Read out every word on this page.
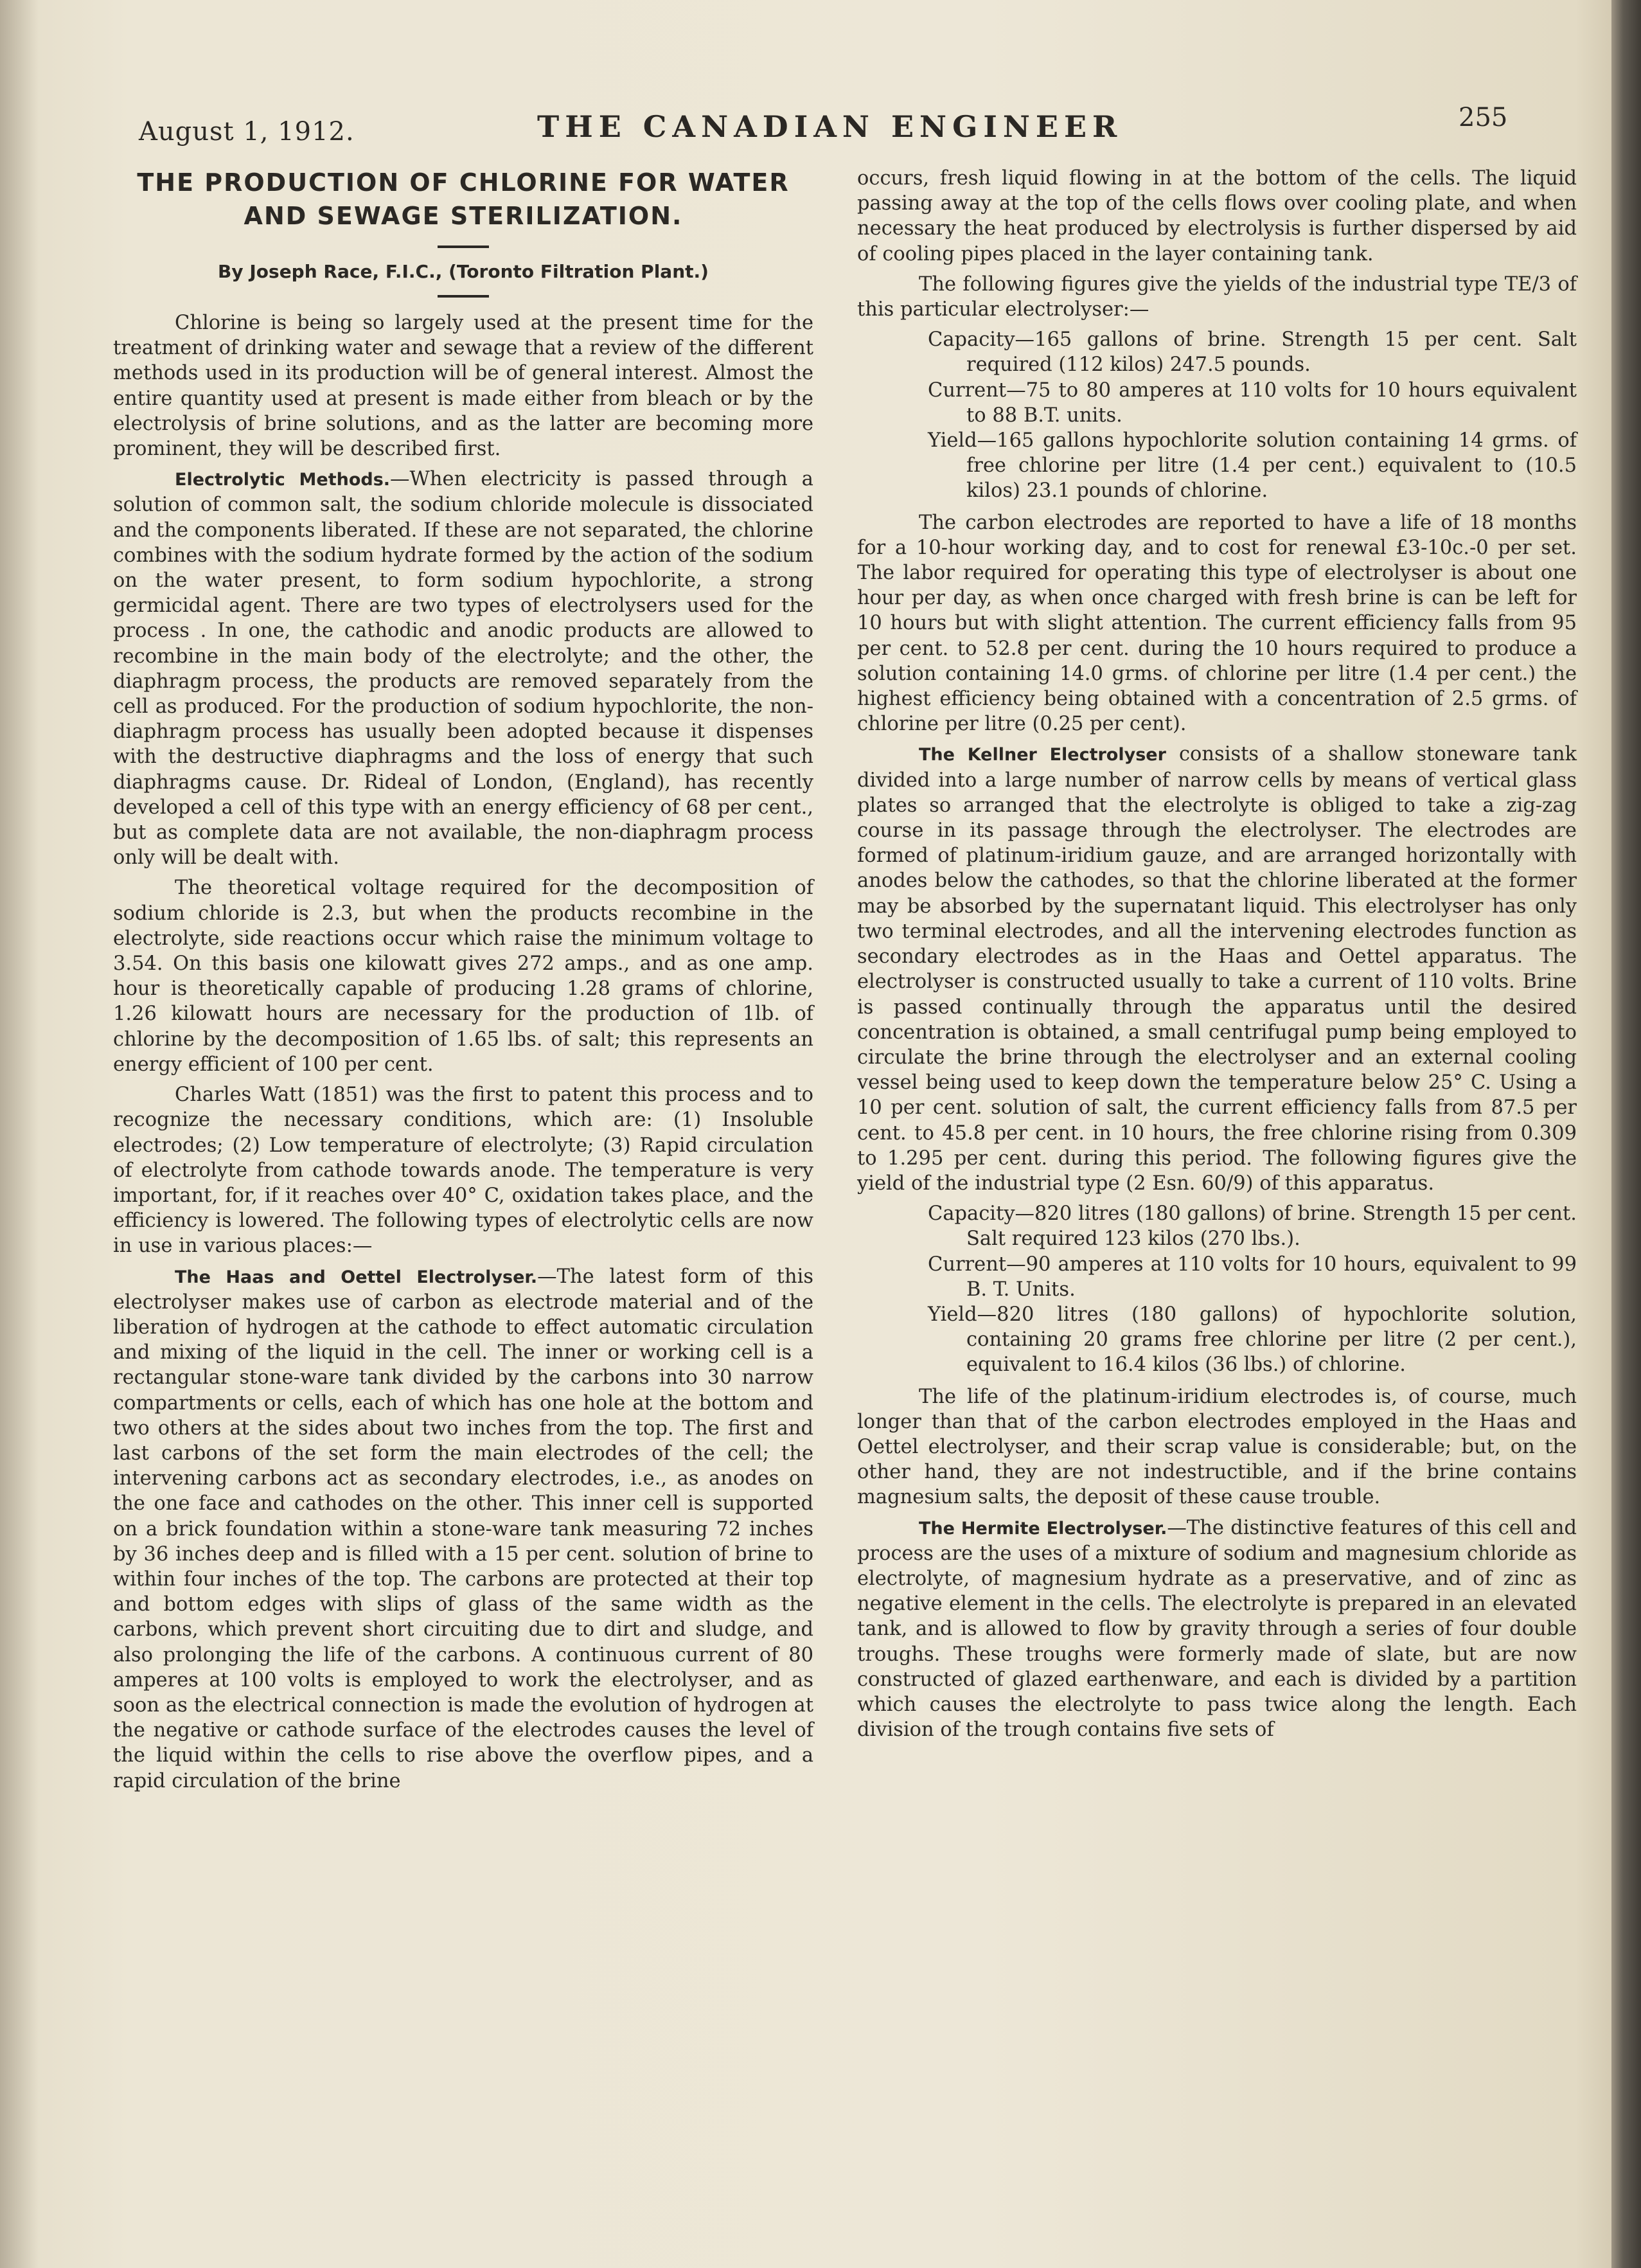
August 1, 1912.	THE CANADIAN ENGINEER	255
THE PRODUCTION OF CHLORINE FOR WATER
AND SEWAGE STERILIZATION.
By Joseph Race, F.I.C., (Toronto Filtration Plant.)

Chlorine is being so largely used at the present time for the treatment of drinking water and sewage that a review of the different methods used in its production will be of general interest. Almost the entire quantity used at present is made either from bleach or by the electrolysis of brine solutions, and as the latter are becoming more prominent, they will be described first.

Electrolytic Methods.—When electricity is passed through a solution of common salt, the sodium chloride molecule is dissociated and the components liberated. If these are not separated, the chlorine combines with the sodium hydrate formed by the action of the sodium on the water present, to form sodium hypochlorite, a strong germicidal agent. There are two types of electrolysers used for the process . In one, the cathodic and anodic products are allowed to recombine in the main body of the electrolyte; and the other, the diaphragm process, the products are removed separately from the cell as produced. For the production of sodium hypochlorite, the non-diaphragm process has usually been adopted because it dispenses with the destructive diaphragms and the loss of energy that such diaphragms cause. Dr. Rideal of London, (England), has recently developed a cell of this type with an energy efficiency of 68 per cent., but as complete data are not available, the non-diaphragm process only will be dealt with.

The theoretical voltage required for the decomposition of sodium chloride is 2.3, but when the products recombine in the electrolyte, side reactions occur which raise the minimum voltage to 3.54. On this basis one kilowatt gives 272 amps., and as one amp. hour is theoretically capable of producing 1.28 grams of chlorine, 1.26 kilowatt hours are necessary for the production of 1lb. of chlorine by the decomposition of 1.65 lbs. of salt; this represents an energy efficient of 100 per cent.

Charles Watt (1851) was the first to patent this process and to recognize the necessary conditions, which are: (1) Insoluble electrodes; (2) Low temperature of electrolyte; (3) Rapid circulation of electrolyte from cathode towards anode. The temperature is very important, for, if it reaches over 40° C, oxidation takes place, and the efficiency is lowered. The following types of electrolytic cells are now in use in various places:—

The Haas and Oettel Electrolyser.—The latest form of this electrolyser makes use of carbon as electrode material and of the liberation of hydrogen at the cathode to effect automatic circulation and mixing of the liquid in the cell. The inner or working cell is a rectangular stone-ware tank divided by the carbons into 30 narrow compartments or cells, each of which has one hole at the bottom and two others at the sides about two inches from the top. The first and last carbons of the set form the main electrodes of the cell; the intervening carbons act as secondary electrodes, i.e., as anodes on the one face and cathodes on the other. This inner cell is supported on a brick foundation within a stone-ware tank measuring 72 inches by 36 inches deep and is filled with a 15 per cent. solution of brine to within four inches of the top. The carbons are protected at their top and bottom edges with slips of glass of the same width as the carbons, which prevent short circuiting due to dirt and sludge, and also prolonging the life of the carbons. A continuous current of 80 amperes at 100 volts is employed to work the electrolyser, and as soon as the electrical connection is made the evolution of hydrogen at the negative or cathode surface of the electrodes causes the level of the liquid within the cells to rise above the overflow pipes, and a rapid circulation of the brine

occurs, fresh liquid flowing in at the bottom of the cells. The liquid passing away at the top of the cells flows over cooling plate, and when necessary the heat produced by electrolysis is further dispersed by aid of cooling pipes placed in the layer containing tank.

The following figures give the yields of the industrial type TE/3 of this particular electrolyser:—

Capacity—165 gallons of brine. Strength 15 per cent. Salt required (112 kilos) 247.5 pounds.

Current—75 to 80 amperes at 110 volts for 10 hours equivalent to 88 B.T. units.

Yield—165 gallons hypochlorite solution containing 14 grms. of free chlorine per litre (1.4 per cent.) equivalent to (10.5 kilos) 23.1 pounds of chlorine.

The carbon electrodes are reported to have a life of 18 months for a 10-hour working day, and to cost for renewal £3-10c.-0 per set. The labor required for operating this type of electrolyser is about one hour per day, as when once charged with fresh brine is can be left for 10 hours but with slight attention. The current efficiency falls from 95 per cent. to 52.8 per cent. during the 10 hours required to produce a solution containing 14.0 grms. of chlorine per litre (1.4 per cent.) the highest efficiency being obtained with a concentration of 2.5 grms. of chlorine per litre (0.25 per cent).

The Kellner Electrolyser consists of a shallow stoneware tank divided into a large number of narrow cells by means of vertical glass plates so arranged that the electrolyte is obliged to take a zig-zag course in its passage through the electrolyser. The electrodes are formed of platinum-iridium gauze, and are arranged horizontally with anodes below the cathodes, so that the chlorine liberated at the former may be absorbed by the supernatant liquid. This electrolyser has only two terminal electrodes, and all the intervening electrodes function as secondary electrodes as in the Haas and Oettel apparatus. The electrolyser is constructed usually to take a current of 110 volts. Brine is passed continually through the apparatus until the desired concentration is obtained, a small centrifugal pump being employed to circulate the brine through the electrolyser and an external cooling vessel being used to keep down the temperature below 25° C. Using a 10 per cent. solution of salt, the current efficiency falls from 87.5 per cent. to 45.8 per cent. in 10 hours, the free chlorine rising from 0.309 to 1.295 per cent. during this period. The following figures give the yield of the industrial type (2 Esn. 60/9) of this apparatus.

Capacity—820 litres (180 gallons) of brine. Strength 15 per cent. Salt required 123 kilos (270 lbs.).

Current—90 amperes at 110 volts for 10 hours, equivalent to 99 B. T. Units.

Yield—820 litres (180 gallons) of hypochlorite solution, containing 20 grams free chlorine per litre (2 per cent.), equivalent to 16.4 kilos (36 lbs.) of chlorine.

The life of the platinum-iridium electrodes is, of course, much longer than that of the carbon electrodes employed in the Haas and Oettel electrolyser, and their scrap value is considerable; but, on the other hand, they are not indestructible, and if the brine contains magnesium salts, the deposit of these cause trouble.

The Hermite Electrolyser.—The distinctive features of this cell and process are the uses of a mixture of sodium and magnesium chloride as electrolyte, of magnesium hydrate as a preservative, and of zinc as negative element in the cells. The electrolyte is prepared in an elevated tank, and is allowed to flow by gravity through a series of four double troughs. These troughs were formerly made of slate, but are now constructed of glazed earthenware, and each is divided by a partition which causes the electrolyte to pass twice along the length. Each division of the trough contains five sets of
